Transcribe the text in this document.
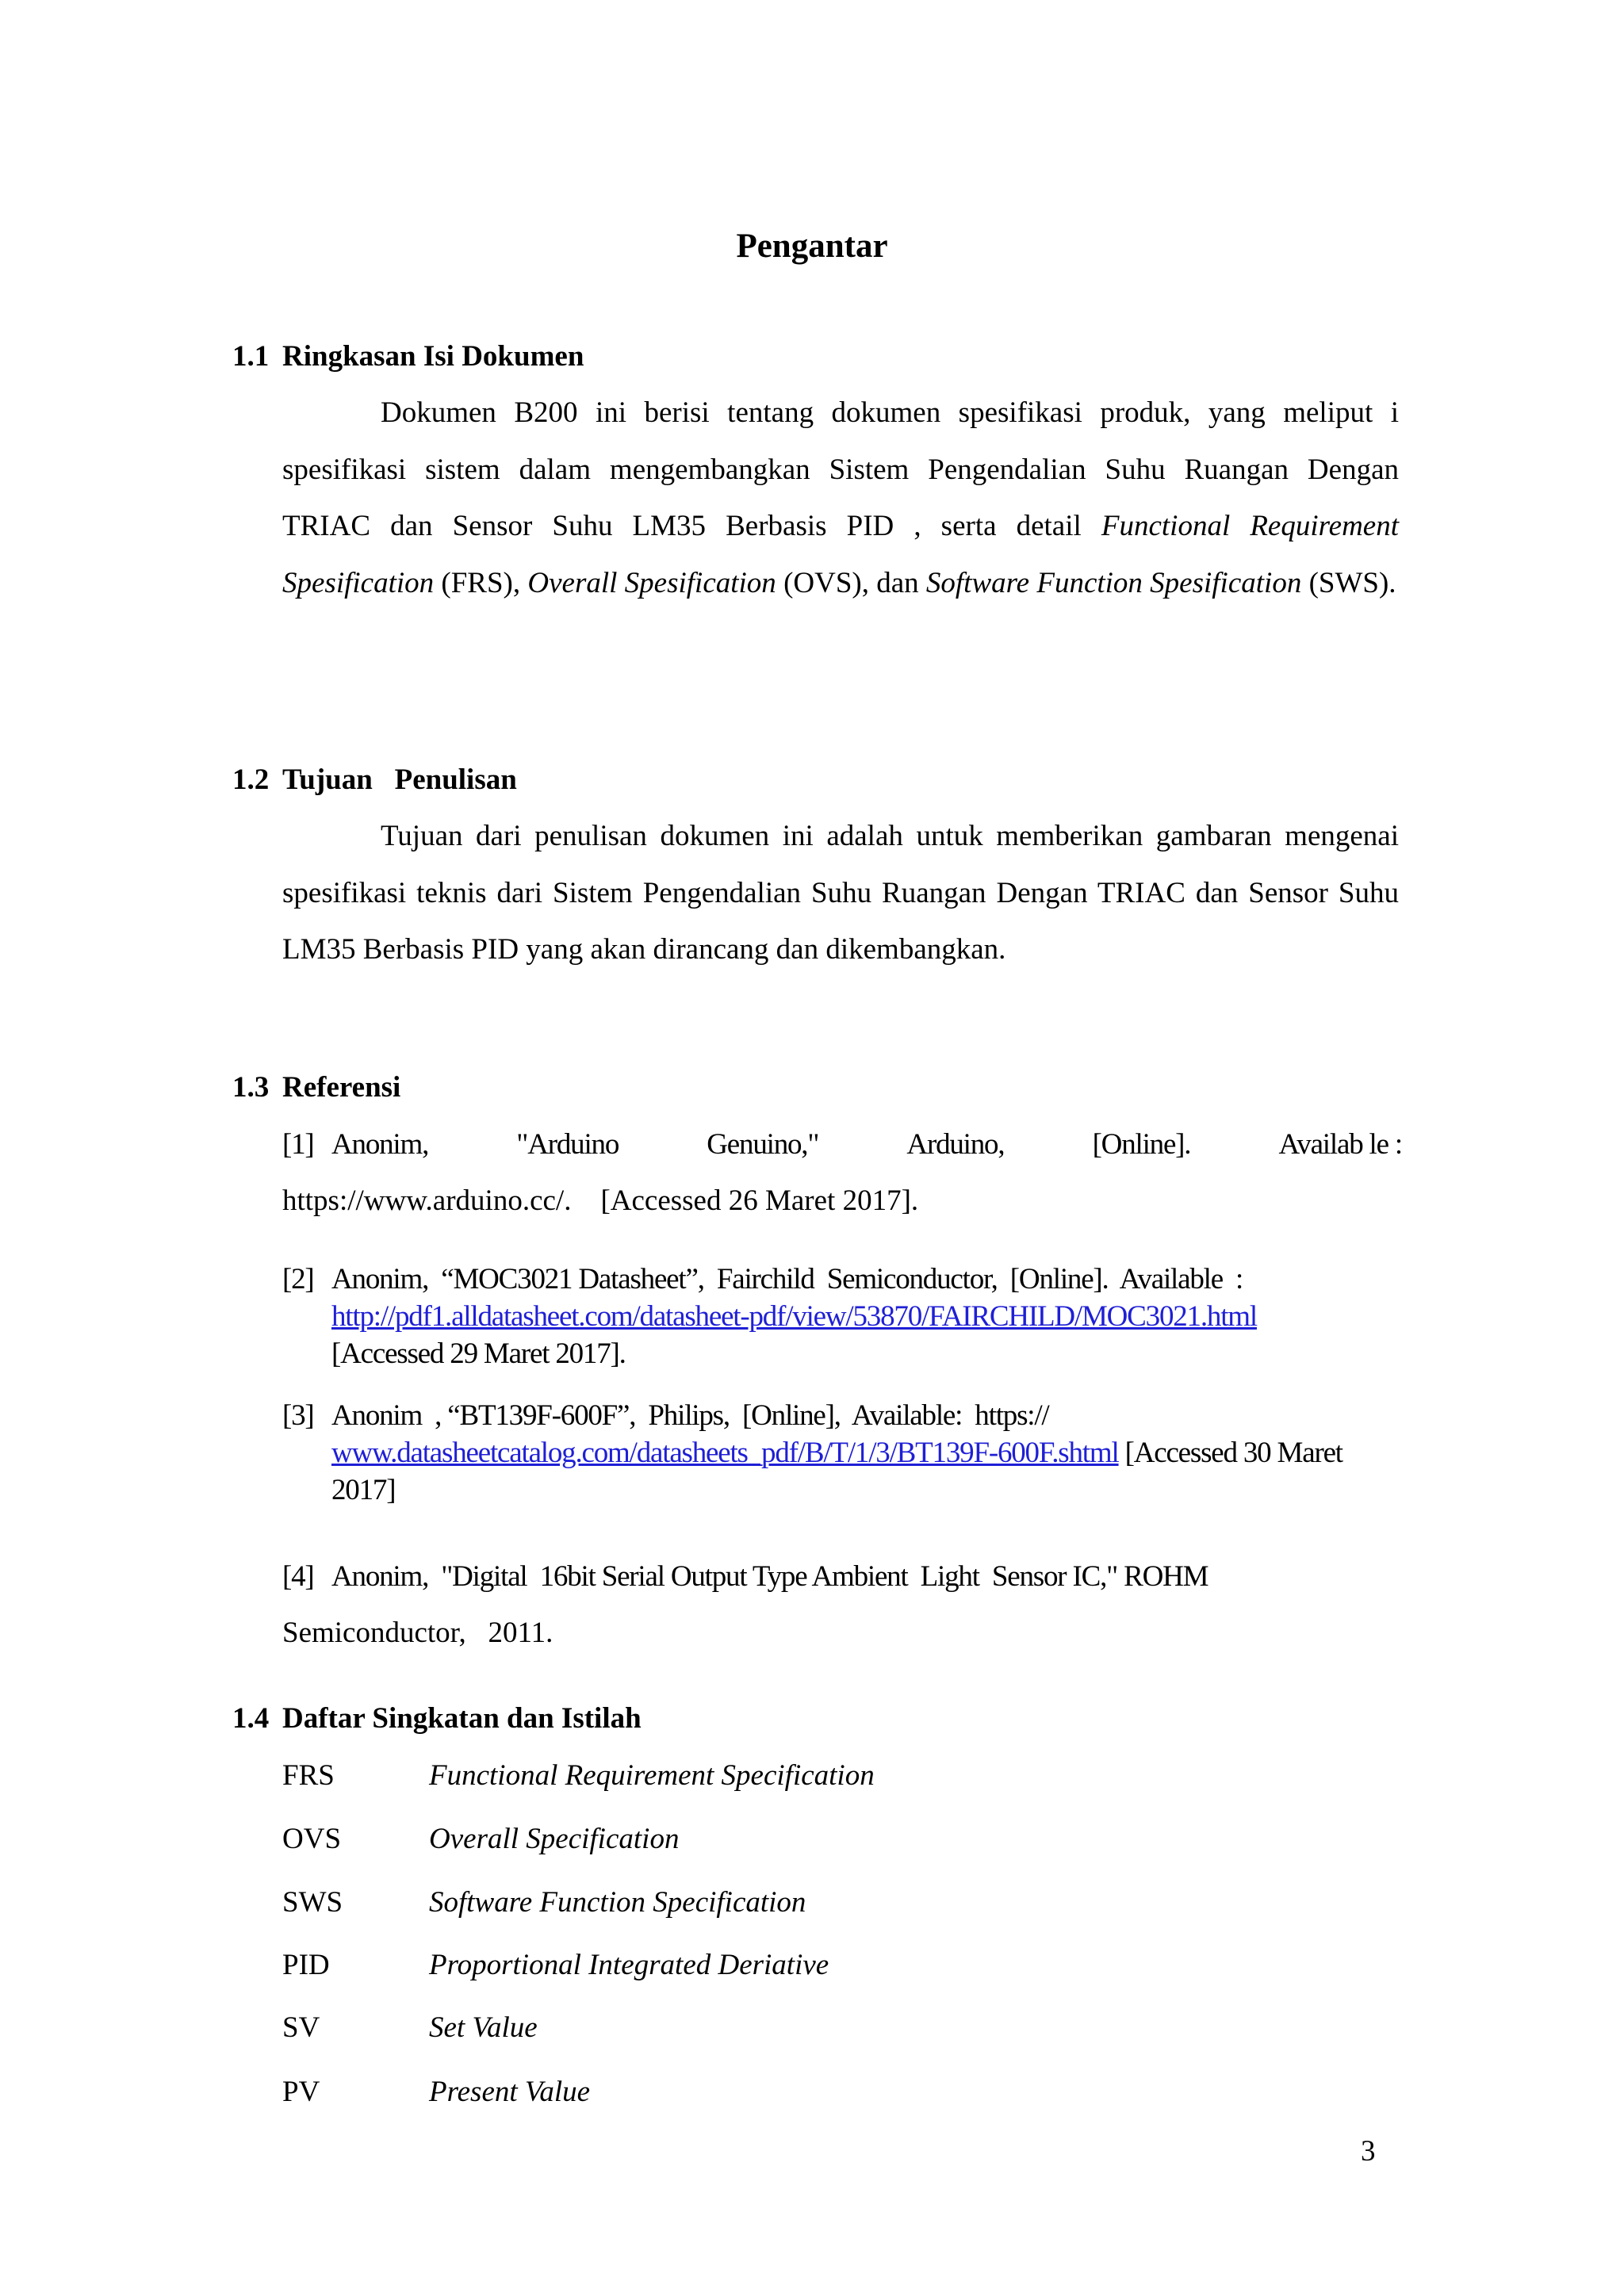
Pengantar
1.1 Ringkasan Isi Dokumen
Dokumen B200 ini berisi tentang dokumen spesifikasi produk, yang meliput i spesifikasi sistem dalam mengembangkan Sistem Pengendalian Suhu Ruangan Dengan TRIAC dan Sensor Suhu LM35 Berbasis PID , serta detail Functional Requirement Spesification (FRS), Overall Spesification (OVS), dan Software Function Spesification (SWS).
1.2 Tujuan   Penulisan
Tujuan dari penulisan dokumen ini adalah untuk memberikan gambaran mengenai spesifikasi teknis dari Sistem Pengendalian Suhu Ruangan Dengan TRIAC dan Sensor Suhu LM35 Berbasis PID yang akan dirancang dan dikembangkan.
1.3 Referensi
[1] Anonim,	"Arduino	Genuino,"	Arduino,	[Online].	Availab le :
https://www.arduino.cc/.    [Accessed 26 Maret 2017].
[2] Anonim,  “MOC3021 Datasheet”,  Fairchild  Semiconductor,  [Online].  Available  :
http://pdf1.alldatasheet.com/datasheet-pdf/view/53870/FAIRCHILD/MOC3021.html
[Accessed 29 Maret 2017].
[3] Anonim  , “BT139F-600F”,  Philips,  [Online],  Available:  https://
www.datasheetcatalog.com/datasheets_pdf/B/T/1/3/BT139F-600F.shtml [Accessed 30 Maret
2017]
[4] Anonim,  "Digital  16bit Serial Output Type Ambient  Light  Sensor IC," ROHM
Semiconductor,   2011.
1.4 Daftar Singkatan dan Istilah
FRS	Functional Requirement Specification
OVS	Overall Specification
SWS	Software Function Specification
PID	Proportional Integrated Deriative
SV	Set Value
PV	Present Value
3
